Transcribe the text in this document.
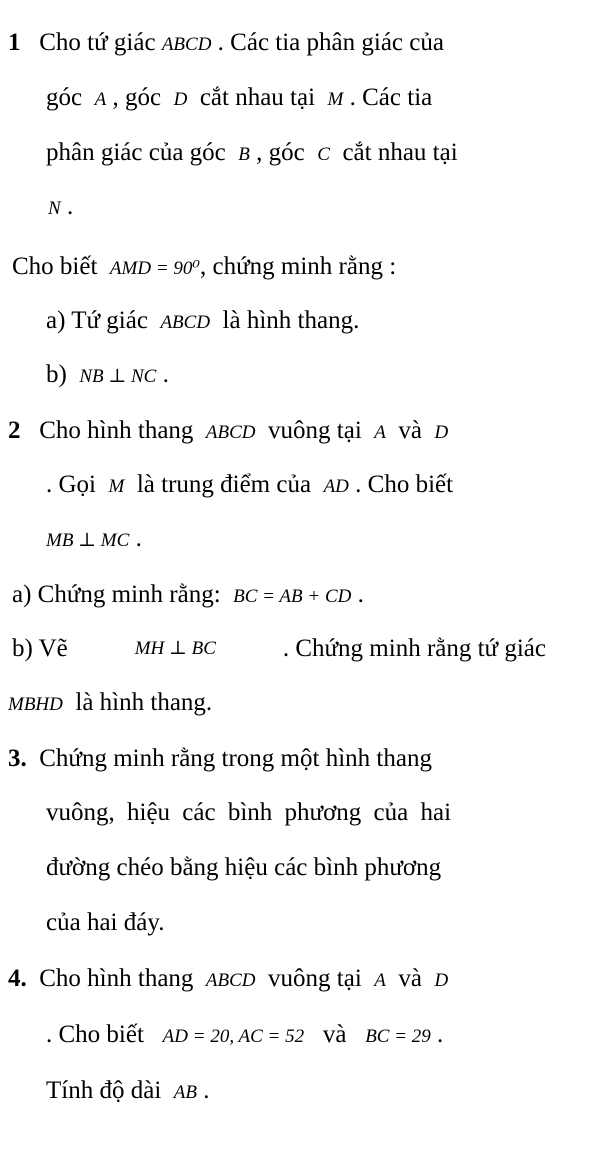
1 Cho tứ giác ABCD . Các tia phân giác của
góc A , góc D cắt nhau tại M . Các tia
phân giác của góc B , góc C cắt nhau tại
N .
Cho biết AMD = 90⁰, chứng minh rằng :
a) Tứ giác ABCD là hình thang.
b) NB ⊥ NC .
2 Cho hình thang ABCD vuông tại A và D
. Gọi M là trung điểm của AD . Cho biết
MB ⊥ MC .
a) Chứng minh rằng: BC = AB + CD .
b) Vẽ	MH ⊥ BC	. Chứng minh rằng tứ giác
MBHD là hình thang.
3. Chứng minh rằng trong một hình thang
vuông, hiệu các bình phương của hai
đường chéo bằng hiệu các bình phương
của hai đáy.
4. Cho hình thang ABCD vuông tại A và D
. Cho biết AD = 20, AC = 52 và BC = 29 .
Tính độ dài AB .
